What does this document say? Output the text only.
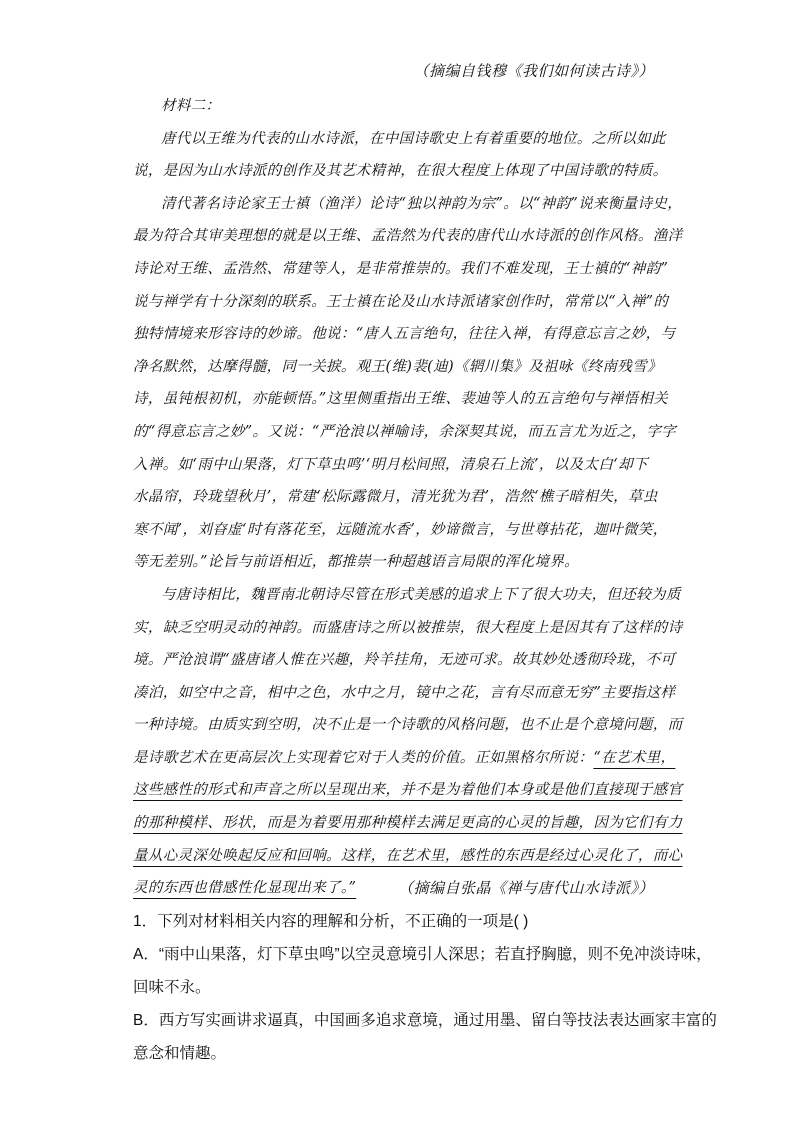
（摘编自钱穆《我们如何读古诗》）
材料二：
唐代以王维为代表的山水诗派，在中国诗歌史上有着重要的地位。之所以如此
说，是因为山水诗派的创作及其艺术精神，在很大程度上体现了中国诗歌的特质。
清代著名诗论家王士禛（渔洋）论诗“独以神韵为宗”。以“神韵”说来衡量诗史，
最为符合其审美理想的就是以王维、孟浩然为代表的唐代山水诗派的创作风格。渔洋
诗论对王维、孟浩然、常建等人，是非常推崇的。我们不难发现，王士禛的“神韵”
说与禅学有十分深刻的联系。王士禛在论及山水诗派诸家创作时，常常以“入禅”的
独特情境来形容诗的妙谛。他说：“唐人五言绝句，往往入禅，有得意忘言之妙，与
净名默然，达摩得髓，同一关捩。观王(维)裴(迪)《辋川集》及祖咏《终南残雪》
诗，虽钝根初机，亦能顿悟。”这里侧重指出王维、裴迪等人的五言绝句与禅悟相关
的“得意忘言之妙”。又说：“严沧浪以禅喻诗，余深契其说，而五言尤为近之，字字
入禅。如‘雨中山果落，灯下草虫鸣’‘明月松间照，清泉石上流’，以及太白‘却下
水晶帘，玲珑望秋月’，常建‘松际露微月，清光犹为君’，浩然‘樵子暗相失，草虫
寒不闻’，刘昚虚‘时有落花至，远随流水香’，妙谛微言，与世尊拈花，迦叶微笑，
等无差别。”论旨与前语相近，都推崇一种超越语言局限的浑化境界。
与唐诗相比，魏晋南北朝诗尽管在形式美感的追求上下了很大功夫，但还较为质
实，缺乏空明灵动的神韵。而盛唐诗之所以被推崇，很大程度上是因其有了这样的诗
境。严沧浪谓“盛唐诸人惟在兴趣，羚羊挂角，无迹可求。故其妙处透彻玲珑，不可
凑泊，如空中之音，相中之色，水中之月，镜中之花，言有尽而意无穷”主要指这样
一种诗境。由质实到空明，决不止是一个诗歌的风格问题，也不止是个意境问题，而
是诗歌艺术在更高层次上实现着它对于人类的价值。正如黑格尔所说：“在艺术里，
这些感性的形式和声音之所以呈现出来，并不是为着他们本身或是他们直接现于感官
的那种模样、形状，而是为着要用那种模样去满足更高的心灵的旨趣，因为它们有力
量从心灵深处唤起反应和回响。这样，在艺术里，感性的东西是经过心灵化了，而心
灵的东西也借感性化显现出来了。”	（摘编自张晶《禅与唐代山水诗派》）
1．下列对材料相关内容的理解和分析，不正确的一项是( )
A．“雨中山果落，灯下草虫鸣”以空灵意境引人深思；若直抒胸臆，则不免冲淡诗味，
回味不永。
B．西方写实画讲求逼真，中国画多追求意境，通过用墨、留白等技法表达画家丰富的
意念和情趣。
